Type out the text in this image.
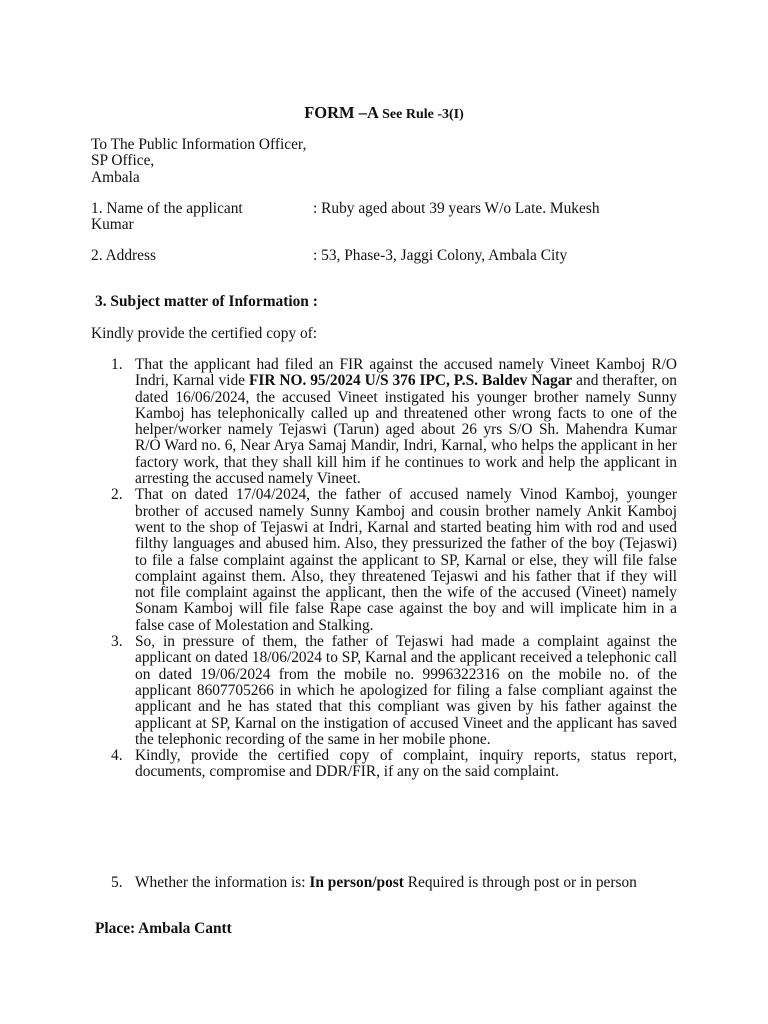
FORM –A See Rule -3(I)
To The Public Information Officer,
SP Office,
Ambala
1. Name of the applicant	: Ruby aged about 39 years W/o Late. Mukesh
Kumar
2. Address	: 53, Phase-3, Jaggi Colony, Ambala City
3. Subject matter of Information :
Kindly provide the certified copy of:
1. That the applicant had filed an FIR against the accused namely Vineet Kamboj R/O Indri, Karnal vide FIR NO. 95/2024 U/S 376 IPC, P.S. Baldev Nagar and therafter, on dated 16/06/2024, the accused Vineet instigated his younger brother namely Sunny Kamboj has telephonically called up and threatened other wrong facts to one of the helper/worker namely Tejaswi (Tarun) aged about 26 yrs S/O Sh. Mahendra Kumar R/O Ward no. 6, Near Arya Samaj Mandir, Indri, Karnal, who helps the applicant in her factory work, that they shall kill him if he continues to work and help the applicant in arresting the accused namely Vineet.
2. That on dated 17/04/2024, the father of accused namely Vinod Kamboj, younger brother of accused namely Sunny Kamboj and cousin brother namely Ankit Kamboj went to the shop of Tejaswi at Indri, Karnal and started beating him with rod and used filthy languages and abused him. Also, they pressurized the father of the boy (Tejaswi) to file a false complaint against the applicant to SP, Karnal or else, they will file false complaint against them. Also, they threatened Tejaswi and his father that if they will not file complaint against the applicant, then the wife of the accused (Vineet) namely Sonam Kamboj will file false Rape case against the boy and will implicate him in a false case of Molestation and Stalking.
3. So, in pressure of them, the father of Tejaswi had made a complaint against the applicant on dated 18/06/2024 to SP, Karnal and the applicant received a telephonic call on dated 19/06/2024 from the mobile no. 9996322316 on the mobile no. of the applicant 8607705266 in which he apologized for filing a false compliant against the applicant and he has stated that this compliant was given by his father against the applicant at SP, Karnal on the instigation of accused Vineet and the applicant has saved the telephonic recording of the same in her mobile phone.
4. Kindly, provide the certified copy of complaint, inquiry reports, status report, documents, compromise and DDR/FIR, if any on the said complaint.
5. Whether the information is: In person/post Required is through post or in person
Place: Ambala Cantt
